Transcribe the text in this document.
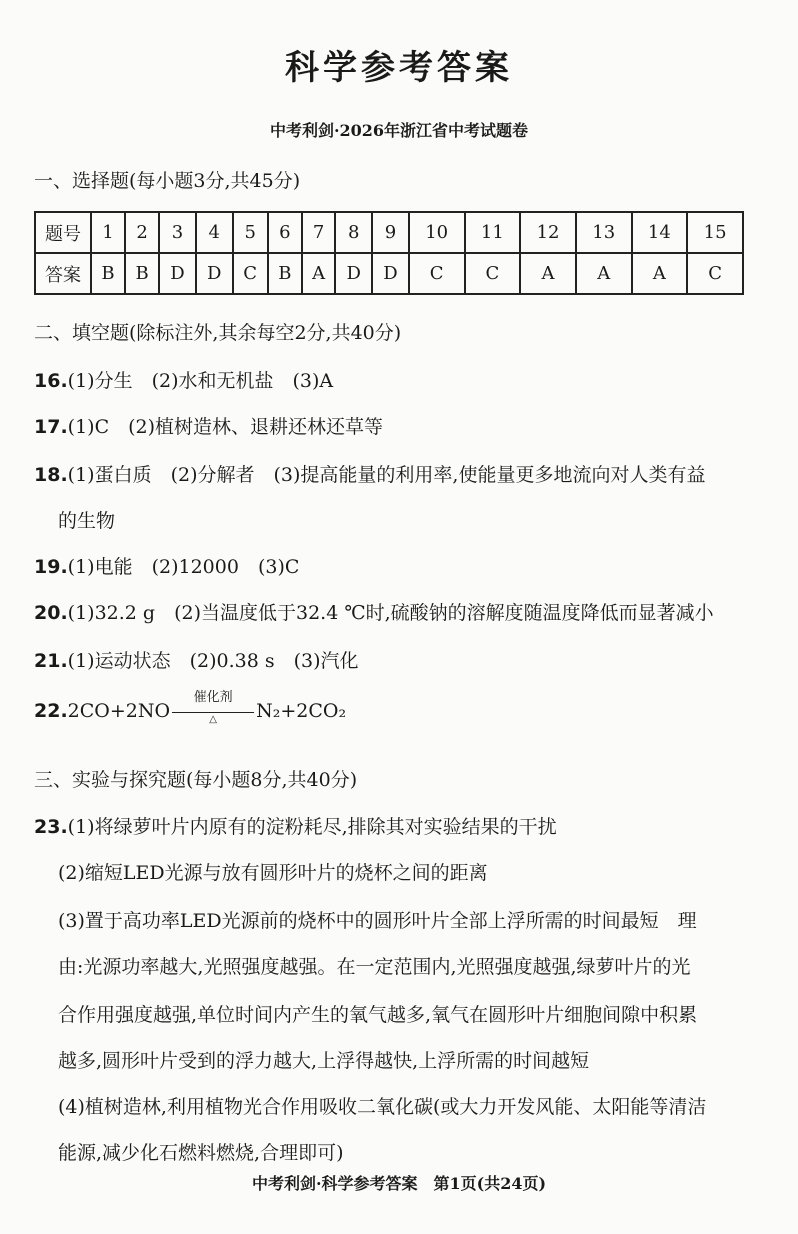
科学参考答案
中考利剑·2026年浙江省中考试题卷
一、选择题(每小题3分,共45分)
题号	1	2	3	4	5	6	7	8	9	10	11	12	13	14	15
答案	B	B	D	D	C	B	A	D	D	C	C	A	A	A	C
二、填空题(除标注外,其余每空2分,共40分)
16.(1)分生　(2)水和无机盐　(3)A
17.(1)C　(2)植树造林、退耕还林还草等
18.(1)蛋白质　(2)分解者　(3)提高能量的利用率,使能量更多地流向对人类有益
的生物
19.(1)电能　(2)12000　(3)C
20.(1)32.2 g　(2)当温度低于32.4 ℃时,硫酸钠的溶解度随温度降低而显著减小
21.(1)运动状态　(2)0.38 s　(3)汽化
$22.2CO+2NO \frac{\text{催化剂}}{\triangle} N_2+2CO_2$
三、实验与探究题(每小题8分,共40分)
23.(1)将绿萝叶片内原有的淀粉耗尽,排除其对实验结果的干扰
(2)缩短LED光源与放有圆形叶片的烧杯之间的距离
(3)置于高功率LED光源前的烧杯中的圆形叶片全部上浮所需的时间最短　理
由:光源功率越大,光照强度越强。在一定范围内,光照强度越强,绿萝叶片的光
合作用强度越强,单位时间内产生的氧气越多,氧气在圆形叶片细胞间隙中积累
越多,圆形叶片受到的浮力越大,上浮得越快,上浮所需的时间越短
(4)植树造林,利用植物光合作用吸收二氧化碳(或大力开发风能、太阳能等清洁
能源,减少化石燃料燃烧,合理即可)
中考利剑·科学参考答案　第1页(共24页)
